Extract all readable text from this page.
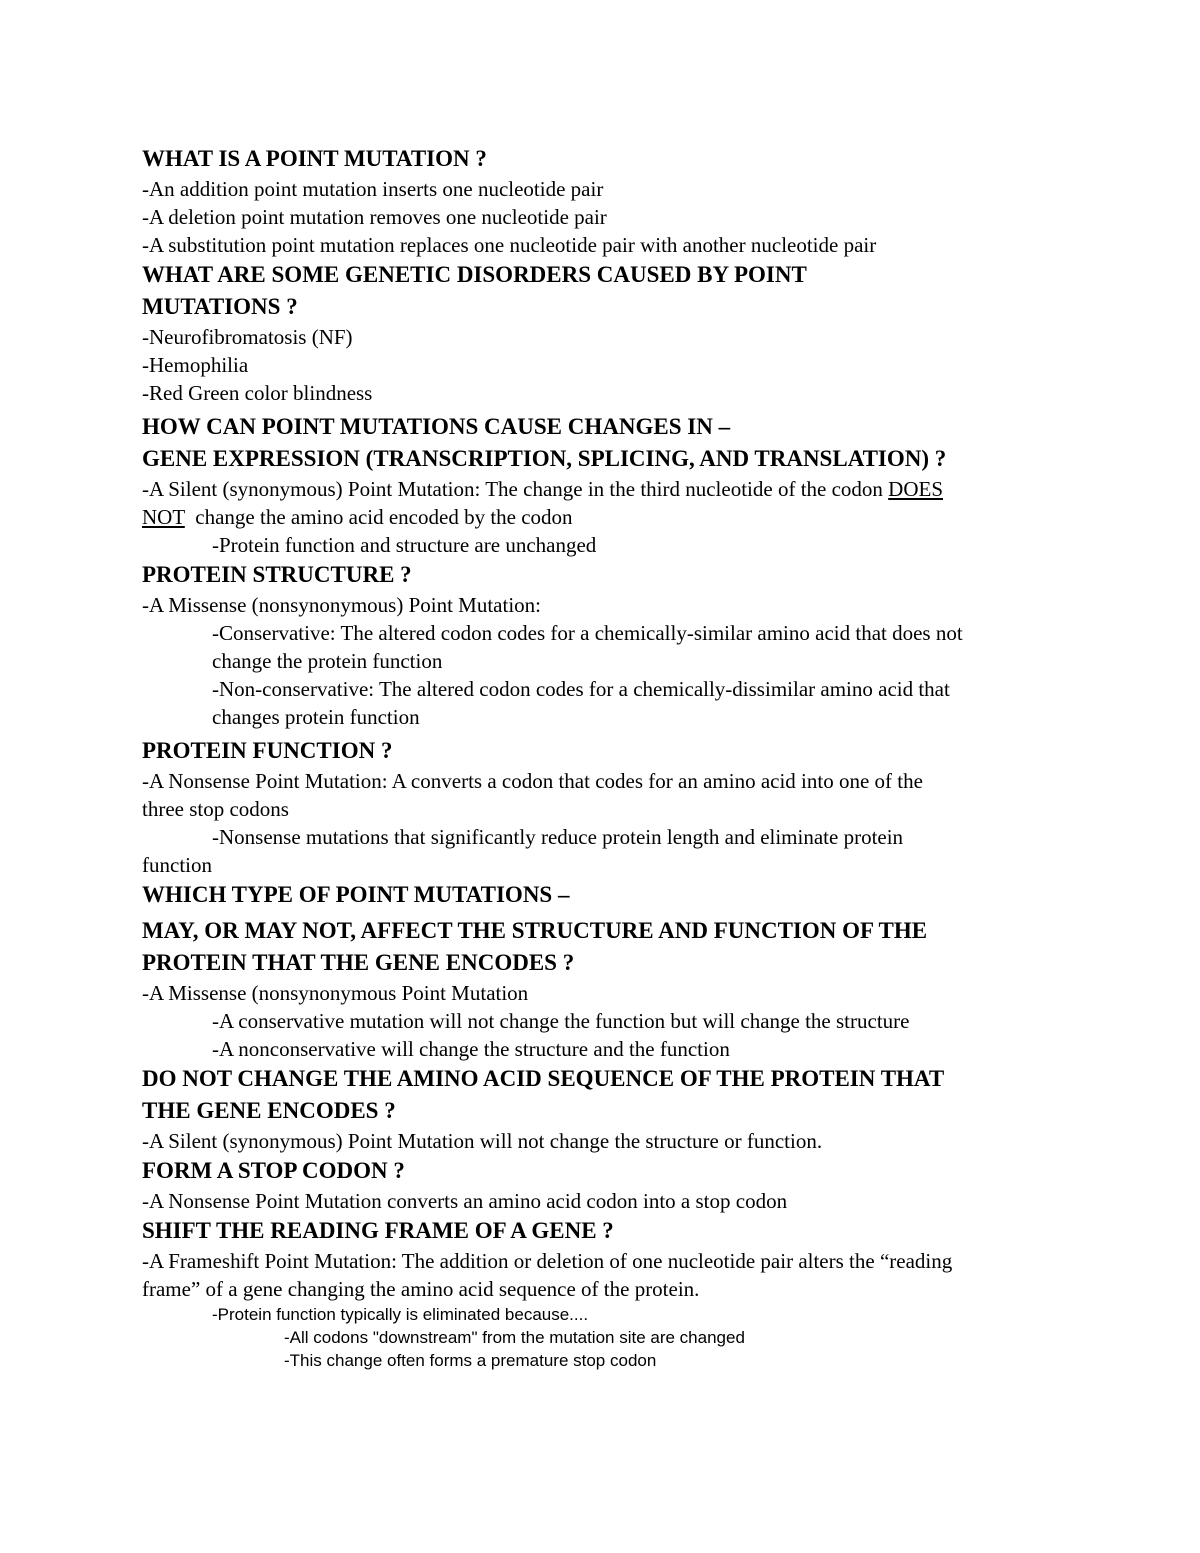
WHAT IS A POINT MUTATION ?
-An addition point mutation inserts one nucleotide pair
-A deletion point mutation removes one nucleotide pair
-A substitution point mutation replaces one nucleotide pair with another nucleotide pair
WHAT ARE SOME GENETIC DISORDERS CAUSED BY POINT
MUTATIONS ?
-Neurofibromatosis (NF)
-Hemophilia
-Red Green color blindness
HOW CAN POINT MUTATIONS CAUSE CHANGES IN –
GENE EXPRESSION (TRANSCRIPTION, SPLICING, AND TRANSLATION) ?
-A Silent (synonymous) Point Mutation: The change in the third nucleotide of the codon DOES
NOT  change the amino acid encoded by the codon
-Protein function and structure are unchanged
PROTEIN STRUCTURE ?
-A Missense (nonsynonymous) Point Mutation:
-Conservative: The altered codon codes for a chemically-similar amino acid that does not
change the protein function
-Non-conservative: The altered codon codes for a chemically-dissimilar amino acid that
changes protein function
PROTEIN FUNCTION ?
-A Nonsense Point Mutation: A converts a codon that codes for an amino acid into one of the
three stop codons
-Nonsense mutations that significantly reduce protein length and eliminate protein
function
WHICH TYPE OF POINT MUTATIONS –
MAY, OR MAY NOT, AFFECT THE STRUCTURE AND FUNCTION OF THE
PROTEIN THAT THE GENE ENCODES ?
-A Missense (nonsynonymous Point Mutation
-A conservative mutation will not change the function but will change the structure
-A nonconservative will change the structure and the function
DO NOT CHANGE THE AMINO ACID SEQUENCE OF THE PROTEIN THAT
THE GENE ENCODES ?
-A Silent (synonymous) Point Mutation will not change the structure or function.
FORM A STOP CODON ?
-A Nonsense Point Mutation converts an amino acid codon into a stop codon
SHIFT THE READING FRAME OF A GENE ?
-A Frameshift Point Mutation: The addition or deletion of one nucleotide pair alters the “reading
frame” of a gene changing the amino acid sequence of the protein.
-Protein function typically is eliminated because....
-All codons "downstream" from the mutation site are changed
-This change often forms a premature stop codon
